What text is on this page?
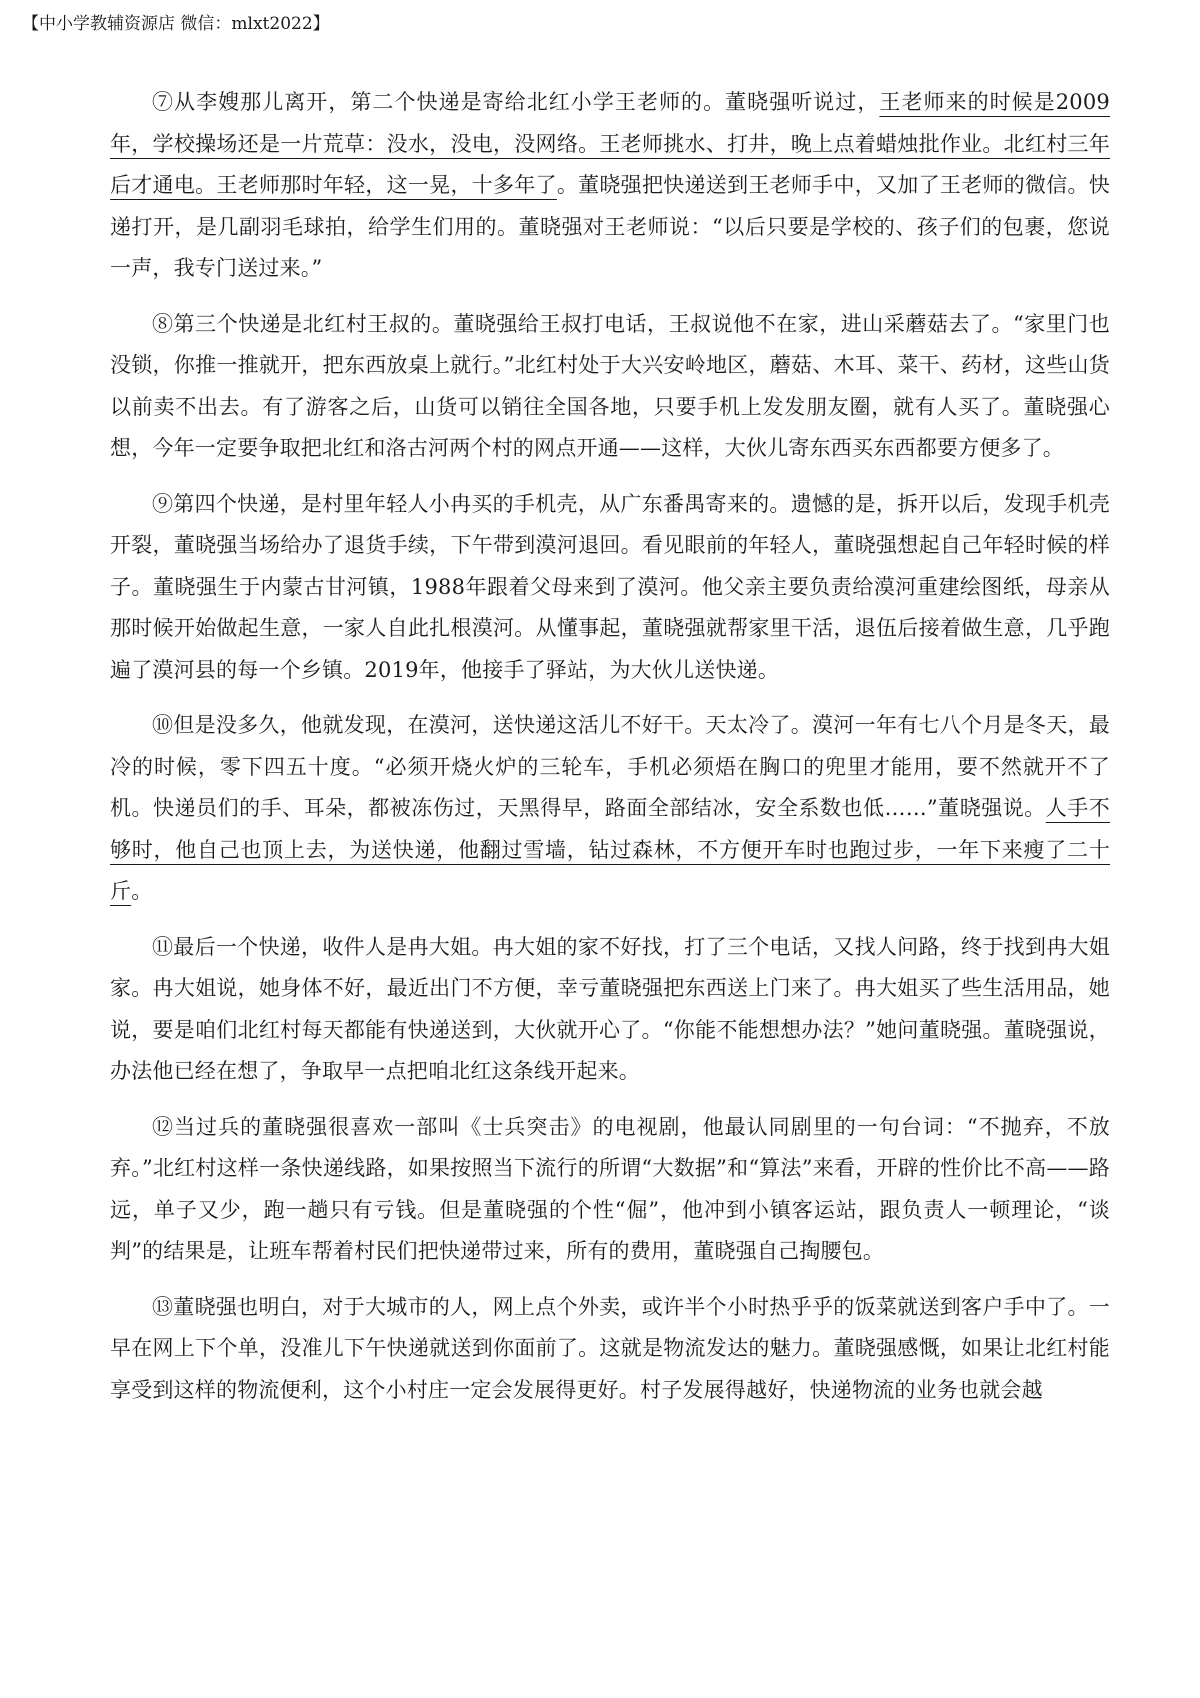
【中小学教辅资源店 微信：mlxt2022】

⑦从李嫂那儿离开，第二个快递是寄给北红小学王老师的。董晓强听说过，王老师来的时候是2009年，学校操场还是一片荒草：没水，没电，没网络。王老师挑水、打井，晚上点着蜡烛批作业。北红村三年后才通电。王老师那时年轻，这一晃，十多年了。董晓强把快递送到王老师手中，又加了王老师的微信。快递打开，是几副羽毛球拍，给学生们用的。董晓强对王老师说：“以后只要是学校的、孩子们的包裹，您说一声，我专门送过来。”

⑧第三个快递是北红村王叔的。董晓强给王叔打电话，王叔说他不在家，进山采蘑菇去了。“家里门也没锁，你推一推就开，把东西放桌上就行。”北红村处于大兴安岭地区，蘑菇、木耳、菜干、药材，这些山货以前卖不出去。有了游客之后，山货可以销往全国各地，只要手机上发发朋友圈，就有人买了。董晓强心想，今年一定要争取把北红和洛古河两个村的网点开通——这样，大伙儿寄东西买东西都要方便多了。

⑨第四个快递，是村里年轻人小冉买的手机壳，从广东番禺寄来的。遗憾的是，拆开以后，发现手机壳开裂，董晓强当场给办了退货手续，下午带到漠河退回。看见眼前的年轻人，董晓强想起自己年轻时候的样子。董晓强生于内蒙古甘河镇，1988年跟着父母来到了漠河。他父亲主要负责给漠河重建绘图纸，母亲从那时候开始做起生意，一家人自此扎根漠河。从懂事起，董晓强就帮家里干活，退伍后接着做生意，几乎跑遍了漠河县的每一个乡镇。2019年，他接手了驿站，为大伙儿送快递。

⑩但是没多久，他就发现，在漠河，送快递这活儿不好干。天太冷了。漠河一年有七八个月是冬天，最冷的时候，零下四五十度。“必须开烧火炉的三轮车，手机必须焐在胸口的兜里才能用，要不然就开不了机。快递员们的手、耳朵，都被冻伤过，天黑得早，路面全部结冰，安全系数也低……”董晓强说。人手不够时，他自己也顶上去，为送快递，他翻过雪墙，钻过森林，不方便开车时也跑过步，一年下来瘦了二十斤。

⑪最后一个快递，收件人是冉大姐。冉大姐的家不好找，打了三个电话，又找人问路，终于找到冉大姐家。冉大姐说，她身体不好，最近出门不方便，幸亏董晓强把东西送上门来了。冉大姐买了些生活用品，她说，要是咱们北红村每天都能有快递送到，大伙就开心了。“你能不能想想办法？”她问董晓强。董晓强说，办法他已经在想了，争取早一点把咱北红这条线开起来。

⑫当过兵的董晓强很喜欢一部叫《士兵突击》的电视剧，他最认同剧里的一句台词：“不抛弃，不放弃。”北红村这样一条快递线路，如果按照当下流行的所谓“大数据”和“算法”来看，开辟的性价比不高——路远，单子又少，跑一趟只有亏钱。但是董晓强的个性“倔”，他冲到小镇客运站，跟负责人一顿理论，“谈判”的结果是，让班车帮着村民们把快递带过来，所有的费用，董晓强自己掏腰包。

⑬董晓强也明白，对于大城市的人，网上点个外卖，或许半个小时热乎乎的饭菜就送到客户手中了。一早在网上下个单，没准儿下午快递就送到你面前了。这就是物流发达的魅力。董晓强感慨，如果让北红村能享受到这样的物流便利，这个小村庄一定会发展得更好。村子发展得越好，快递物流的业务也就会越
